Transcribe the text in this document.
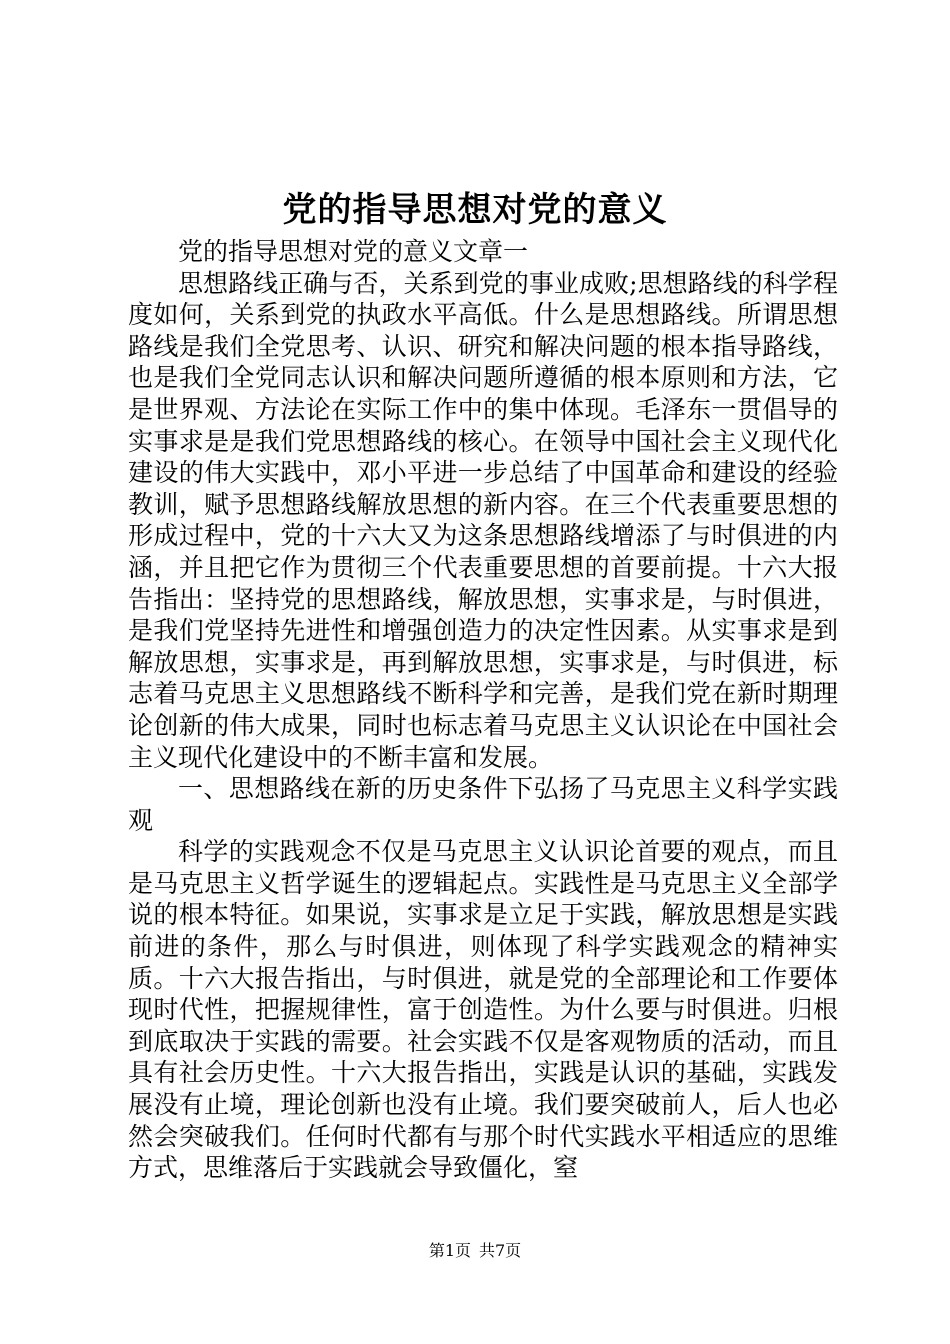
党的指导思想对党的意义

党的指导思想对党的意义文章一

思想路线正确与否，关系到党的事业成败;思想路线的科学程度如何，关系到党的执政水平高低。什么是思想路线。所谓思想路线是我们全党思考、认识、研究和解决问题的根本指导路线，也是我们全党同志认识和解决问题所遵循的根本原则和方法，它是世界观、方法论在实际工作中的集中体现。毛泽东一贯倡导的实事求是是我们党思想路线的核心。在领导中国社会主义现代化建设的伟大实践中，邓小平进一步总结了中国革命和建设的经验教训，赋予思想路线解放思想的新内容。在三个代表重要思想的形成过程中，党的十六大又为这条思想路线增添了与时俱进的内涵，并且把它作为贯彻三个代表重要思想的首要前提。十六大报告指出：坚持党的思想路线，解放思想，实事求是，与时俱进，是我们党坚持先进性和增强创造力的决定性因素。从实事求是到解放思想，实事求是，再到解放思想，实事求是，与时俱进，标志着马克思主义思想路线不断科学和完善，是我们党在新时期理论创新的伟大成果，同时也标志着马克思主义认识论在中国社会主义现代化建设中的不断丰富和发展。

一、思想路线在新的历史条件下弘扬了马克思主义科学实践观

科学的实践观念不仅是马克思主义认识论首要的观点，而且是马克思主义哲学诞生的逻辑起点。实践性是马克思主义全部学说的根本特征。如果说，实事求是立足于实践，解放思想是实践前进的条件，那么与时俱进，则体现了科学实践观念的精神实质。十六大报告指出，与时俱进，就是党的全部理论和工作要体现时代性，把握规律性，富于创造性。为什么要与时俱进。归根到底取决于实践的需要。社会实践不仅是客观物质的活动，而且具有社会历史性。十六大报告指出，实践是认识的基础，实践发展没有止境，理论创新也没有止境。我们要突破前人，后人也必然会突破我们。任何时代都有与那个时代实践水平相适应的思维方式，思维落后于实践就会导致僵化，窒

第1页 共7页
